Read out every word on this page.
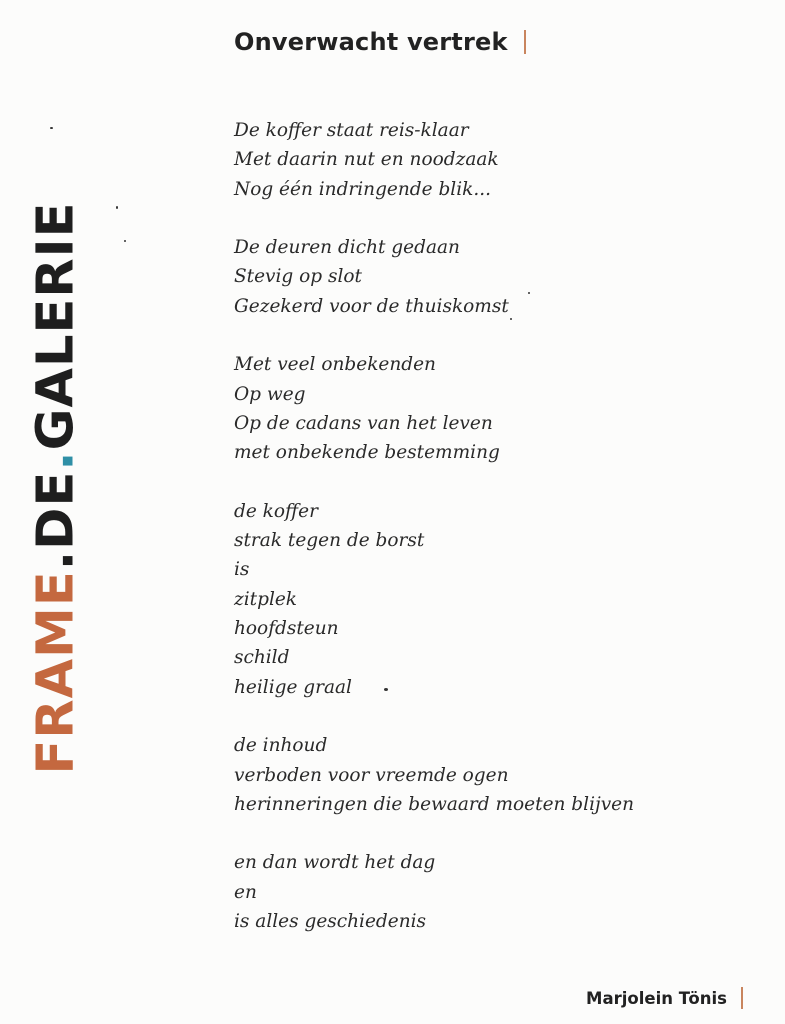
FRAME.DE.GALERIE
Onverwacht vertrek
De koffer staat reis-klaar
Met daarin nut en noodzaak
Nog één indringende blik...
De deuren dicht gedaan
Stevig op slot
Gezekerd voor de thuiskomst
Met veel onbekenden
Op weg
Op de cadans van het leven
met onbekende bestemming
de koffer
strak tegen de borst
is
zitplek
hoofdsteun
schild
heilige graal
de inhoud
verboden voor vreemde ogen
herinneringen die bewaard moeten blijven
en dan wordt het dag
en
is alles geschiedenis
Marjolein Tönis
